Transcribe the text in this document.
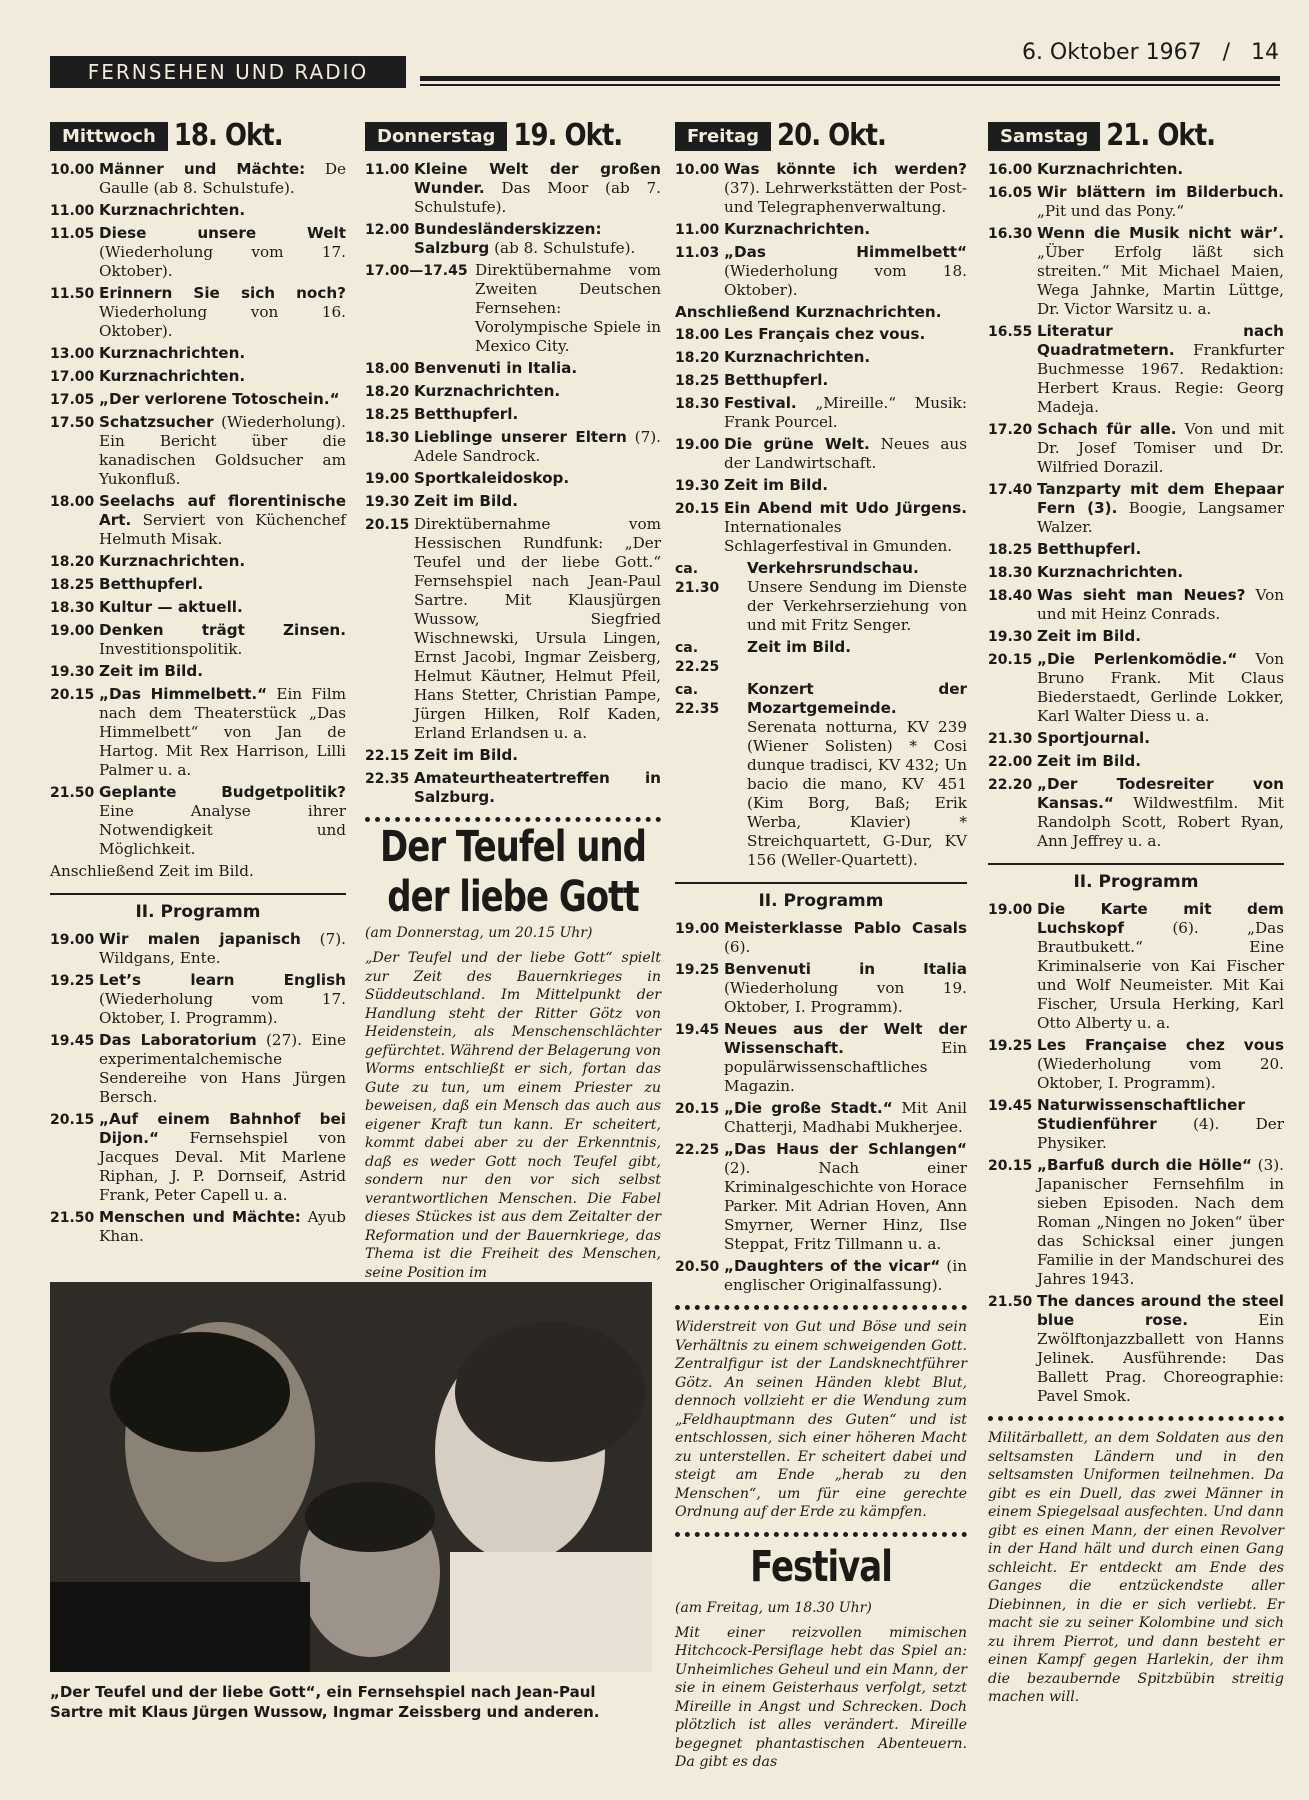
FERNSEHEN UND RADIO
6. Oktober 1967   /   14
Mittwoch 18. Okt.
10.00 Männer und Mächte: De Gaulle (ab 8. Schulstufe).
11.00 Kurznachrichten.
11.05 Diese unsere Welt (Wiederholung vom 17. Oktober).
11.50 Erinnern Sie sich noch? Wiederholung von 16. Oktober).
13.00 Kurznachrichten.
17.00 Kurznachrichten.
17.05 „Der verlorene Totoschein.“
17.50 Schatzsucher (Wiederholung). Ein Bericht über die kanadischen Goldsucher am Yukonfluß.
18.00 Seelachs auf florentinische Art. Serviert von Küchenchef Helmuth Misak.
18.20 Kurznachrichten.
18.25 Betthupferl.
18.30 Kultur — aktuell.
19.00 Denken trägt Zinsen. Investitionspolitik.
19.30 Zeit im Bild.
20.15 „Das Himmelbett.“ Ein Film nach dem Theaterstück „Das Himmelbett“ von Jan de Hartog. Mit Rex Harrison, Lilli Palmer u. a.
21.50 Geplante Budgetpolitik? Eine Analyse ihrer Notwendigkeit und Möglichkeit.
Anschließend Zeit im Bild.
II. Programm
19.00 Wir malen japanisch (7). Wildgans, Ente.
19.25 Let’s learn English (Wiederholung vom 17. Oktober, I. Programm).
19.45 Das Laboratorium (27). Eine experimentalchemische Sendereihe von Hans Jürgen Bersch.
20.15 „Auf einem Bahnhof bei Dijon.“ Fernsehspiel von Jacques Deval. Mit Marlene Riphan, J. P. Dornseif, Astrid Frank, Peter Capell u. a.
21.50 Menschen und Mächte: Ayub Khan.
Donnerstag 19. Okt.
11.00 Kleine Welt der großen Wunder. Das Moor (ab 7. Schulstufe).
12.00 Bundesländerskizzen: Salzburg (ab 8. Schulstufe).
17.00—17.45 Direktübernahme vom Zweiten Deutschen Fernsehen: Vorolympische Spiele in Mexico City.
18.00 Benvenuti in Italia.
18.20 Kurznachrichten.
18.25 Betthupferl.
18.30 Lieblinge unserer Eltern (7). Adele Sandrock.
19.00 Sportkaleidoskop.
19.30 Zeit im Bild.
20.15 Direktübernahme vom Hessischen Rundfunk: „Der Teufel und der liebe Gott.“ Fernsehspiel nach Jean-Paul Sartre. Mit Klausjürgen Wussow, Siegfried Wischnewski, Ursula Lingen, Ernst Jacobi, Ingmar Zeisberg, Helmut Käutner, Helmut Pfeil, Hans Stetter, Christian Pampe, Jürgen Hilken, Rolf Kaden, Erland Erlandsen u. a.
22.15 Zeit im Bild.
22.35 Amateurtheatertreffen in Salzburg.
Der Teufel und
der liebe Gott
(am Donnerstag, um 20.15 Uhr)
„Der Teufel und der liebe Gott“ spielt zur Zeit des Bauernkrieges in Süddeutschland. Im Mittelpunkt der Handlung steht der Ritter Götz von Heidenstein, als Menschenschlächter gefürchtet. Während der Belagerung von Worms entschließt er sich, fortan das Gute zu tun, um einem Priester zu beweisen, daß ein Mensch das auch aus eigener Kraft tun kann. Er scheitert, kommt dabei aber zu der Erkenntnis, daß es weder Gott noch Teufel gibt, sondern nur den vor sich selbst verantwortlichen Menschen. Die Fabel dieses Stückes ist aus dem Zeitalter der Reformation und der Bauernkriege, das Thema ist die Freiheit des Menschen, seine Position im
Freitag 20. Okt.
10.00 Was könnte ich werden? (37). Lehrwerkstätten der Post- und Telegraphenverwaltung.
11.00 Kurznachrichten.
11.03 „Das Himmelbett“ (Wiederholung vom 18. Oktober).
Anschließend Kurznachrichten.
18.00 Les Français chez vous.
18.20 Kurznachrichten.
18.25 Betthupferl.
18.30 Festival. „Mireille.“ Musik: Frank Pourcel.
19.00 Die grüne Welt. Neues aus der Landwirtschaft.
19.30 Zeit im Bild.
20.15 Ein Abend mit Udo Jürgens. Internationales Schlagerfestival in Gmunden.
ca. 21.30
Verkehrsrundschau. Unsere Sendung im Dienste der Verkehrserziehung von und mit Fritz Senger.
ca. 22.25
Zeit im Bild.
ca. 22.35
Konzert der Mozartgemeinde. Serenata notturna, KV 239 (Wiener Solisten) * Cosi dunque tradisci, KV 432; Un bacio die mano, KV 451 (Kim Borg, Baß; Erik Werba, Klavier) * Streichquartett, G-Dur, KV 156 (Weller-Quartett).
II. Programm
19.00 Meisterklasse Pablo Casals (6).
19.25 Benvenuti in Italia (Wiederholung von 19. Oktober, I. Programm).
19.45 Neues aus der Welt der Wissenschaft.	Ein populärwissenschaftliches Magazin.
20.15 „Die große Stadt.“ Mit Anil Chatterji, Madhabi Mukherjee.
22.25 „Das Haus der Schlangen“ (2). Nach einer Kriminalgeschichte von Horace Parker. Mit Adrian Hoven, Ann Smyrner, Werner Hinz, Ilse Steppat, Fritz Tillmann u. a.
20.50 „Daughters of the vicar“ (in englischer Originalfassung).
Widerstreit von Gut und Böse und sein Verhältnis zu einem schweigenden Gott. Zentralfigur ist der Landsknechtführer Götz. An seinen Händen klebt Blut, dennoch vollzieht er die Wendung zum „Feldhauptmann des Guten“ und ist entschlossen, sich einer höheren Macht zu unterstellen. Er scheitert dabei und steigt am Ende „herab zu den Menschen“, um für eine gerechte Ordnung auf der Erde zu kämpfen.
Festival
(am Freitag, um 18.30 Uhr)
Mit einer reizvollen mimischen Hitchcock-Persiflage hebt das Spiel an: Unheimliches Geheul und ein Mann, der sie in einem Geisterhaus verfolgt, setzt Mireille in Angst und Schrecken. Doch plötzlich ist alles verändert. Mireille begegnet phantastischen Abenteuern. Da gibt es das
Samstag 21. Okt.
16.00 Kurznachrichten.
16.05 Wir blättern im Bilderbuch. „Pit und das Pony.“
16.30 Wenn die Musik nicht wär’. „Über Erfolg läßt sich streiten.“ Mit Michael Maien, Wega Jahnke, Martin Lüttge, Dr. Victor Warsitz u. a.
16.55 Literatur nach Quadratmetern. Frankfurter Buchmesse 1967. Redaktion: Herbert Kraus. Regie: Georg Madeja.
17.20 Schach für alle. Von und mit Dr. Josef Tomiser und Dr. Wilfried Dorazil.
17.40 Tanzparty mit dem Ehepaar Fern (3). Boogie, Langsamer Walzer.
18.25 Betthupferl.
18.30 Kurznachrichten.
18.40 Was sieht man Neues? Von und mit Heinz Conrads.
19.30 Zeit im Bild.
20.15 „Die Perlenkomödie.“ Von Bruno Frank. Mit Claus Biederstaedt, Gerlinde Lokker, Karl Walter Diess u. a.
21.30 Sportjournal.
22.00 Zeit im Bild.
22.20 „Der Todesreiter von Kansas.“ Wildwestfilm. Mit Randolph Scott, Robert Ryan, Ann Jeffrey u. a.
II. Programm
19.00 Die Karte mit dem Luchskopf	(6). „Das Brautbukett.“ Eine Kriminalserie von Kai Fischer und Wolf Neumeister. Mit Kai Fischer, Ursula Herking, Karl Otto Alberty u. a.
19.25 Les Française chez vous (Wiederholung vom 20. Oktober, I. Programm).
19.45 Naturwissenschaftlicher Studienführer (4). Der Physiker.
20.15 „Barfuß durch die Hölle“ (3). Japanischer Fernsehfilm in sieben Episoden. Nach dem Roman „Ningen no Joken“ über das Schicksal einer jungen Familie in der Mandschurei des Jahres 1943.
21.50 The dances around the steel blue rose.	Ein Zwölftonjazzballett von Hanns Jelinek. Ausführende: Das Ballett Prag. Choreographie: Pavel Smok.
Militärballett, an dem Soldaten aus den seltsamsten Ländern und in den seltsamsten Uniformen teilnehmen. Da gibt es ein Duell, das zwei Männer in einem Spiegelsaal ausfechten. Und dann gibt es einen Mann, der einen Revolver in der Hand hält und durch einen Gang schleicht. Er entdeckt am Ende des Ganges die entzückendste aller Diebinnen, in die er sich verliebt. Er macht sie zu seiner Kolombine und sich zu ihrem Pierrot, und dann besteht er einen Kampf gegen Harlekin, der ihm die bezaubernde Spitzbübin streitig machen will.
„Der Teufel und der liebe Gott“, ein Fernsehspiel nach Jean-Paul Sartre mit Klaus Jürgen Wussow, Ingmar Zeissberg und anderen.
